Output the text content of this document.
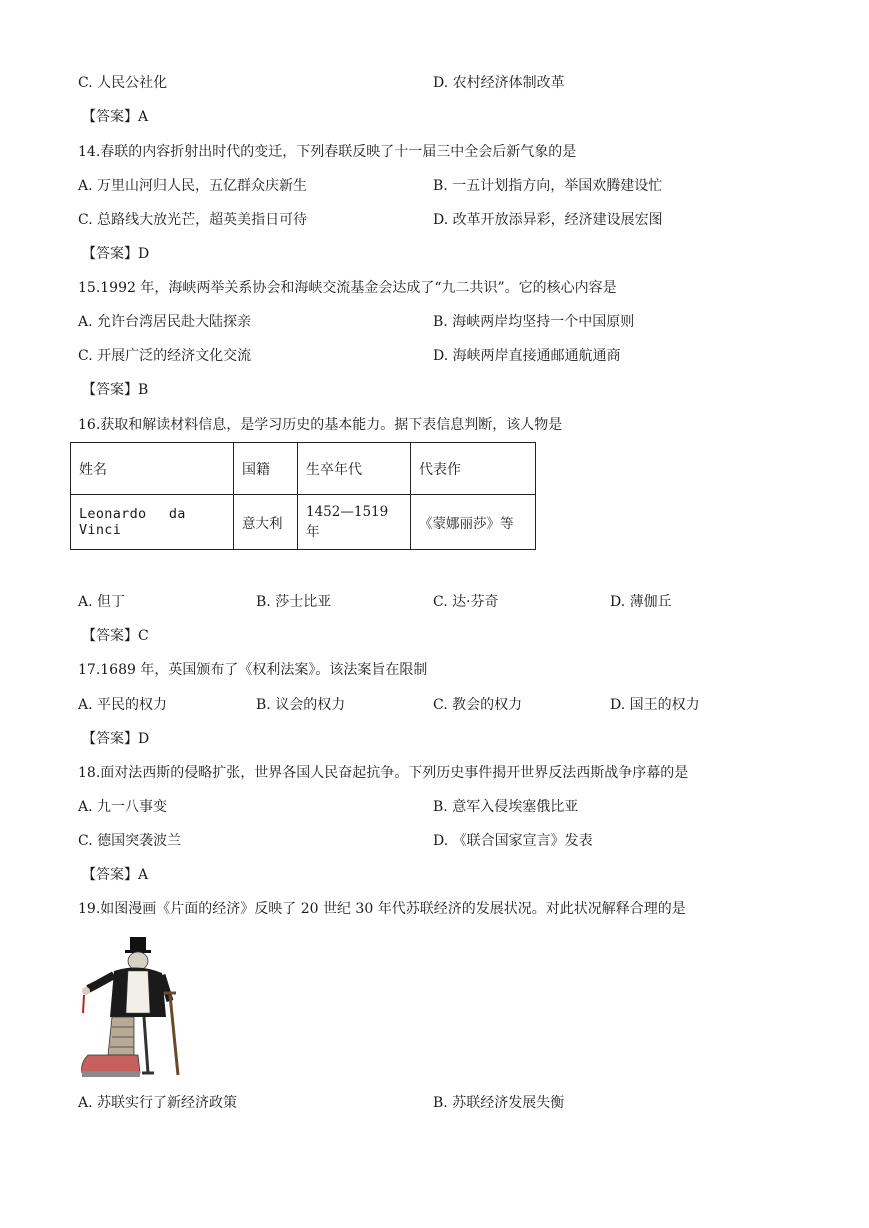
C. 人民公社化	D. 农村经济体制改革
【答案】A
14.春联的内容折射出时代的变迁，下列春联反映了十一届三中全会后新气象的是
A. 万里山河归人民，五亿群众庆新生	B. 一五计划指方向，举国欢腾建设忙
C. 总路线大放光芒，超英美指日可待	D. 改革开放添异彩，经济建设展宏图
【答案】D
15.1992 年，海峡两举关系协会和海峡交流基金会达成了“九二共识”。它的核心内容是
A. 允许台湾居民赴大陆探亲	B. 海峡两岸均坚持一个中国原则
C. 开展广泛的经济文化交流	D. 海峡两岸直接通邮通航通商
【答案】B
16.获取和解读材料信息，是学习历史的基本能力。据下表信息判断，该人物是
姓名	国籍	生卒年代	代表作
Leonardo da Vinci	意大利	1452—1519 年	《蒙娜丽莎》等
A. 但丁	B. 莎士比亚	C. 达·芬奇	D. 薄伽丘
【答案】C
17.1689 年，英国颁布了《权利法案》。该法案旨在限制
A. 平民的权力	B. 议会的权力	C. 教会的权力	D. 国王的权力
【答案】D
18.面对法西斯的侵略扩张，世界各国人民奋起抗争。下列历史事件揭开世界反法西斯战争序幕的是
A. 九一八事变	B. 意军入侵埃塞俄比亚
C. 德国突袭波兰	D. 《联合国家宣言》发表
【答案】A
19.如图漫画《片面的经济》反映了 20 世纪 30 年代苏联经济的发展状况。对此状况解释合理的是
A. 苏联实行了新经济政策	B. 苏联经济发展失衡
